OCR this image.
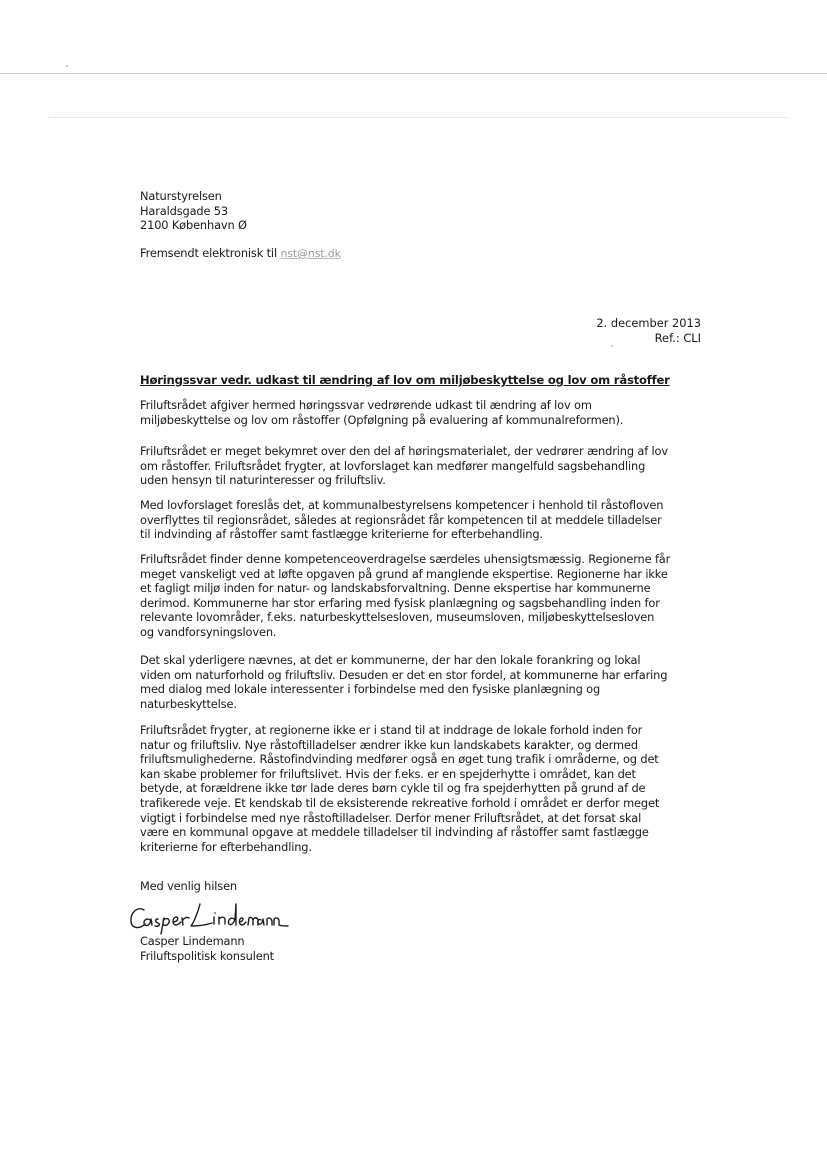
Naturstyrelsen
Haraldsgade 53
2100 København Ø
Fremsendt elektronisk til nst@nst.dk
2. december 2013
Ref.: CLI
Høringssvar vedr. udkast til ændring af lov om miljøbeskyttelse og lov om råstoffer
Friluftsrådet afgiver hermed høringssvar vedrørende udkast til ændring af lov om
miljøbeskyttelse og lov om råstoffer (Opfølgning på evaluering af kommunalreformen).
Friluftsrådet er meget bekymret over den del af høringsmaterialet, der vedrører ændring af lov
om råstoffer. Friluftsrådet frygter, at lovforslaget kan medfører mangelfuld sagsbehandling
uden hensyn til naturinteresser og friluftsliv.
Med lovforslaget foreslås det, at kommunalbestyrelsens kompetencer i henhold til råstofloven
overflyttes til regionsrådet, således at regionsrådet får kompetencen til at meddele tilladelser
til indvinding af råstoffer samt fastlægge kriterierne for efterbehandling.
Friluftsrådet finder denne kompetenceoverdragelse særdeles uhensigtsmæssig. Regionerne får
meget vanskeligt ved at løfte opgaven på grund af manglende ekspertise. Regionerne har ikke
et fagligt miljø inden for natur- og landskabsforvaltning. Denne ekspertise har kommunerne
derimod. Kommunerne har stor erfaring med fysisk planlægning og sagsbehandling inden for
relevante lovområder, f.eks. naturbeskyttelsesloven, museumsloven, miljøbeskyttelsesloven
og vandforsyningsloven.
Det skal yderligere nævnes, at det er kommunerne, der har den lokale forankring og lokal
viden om naturforhold og friluftsliv. Desuden er det en stor fordel, at kommunerne har erfaring
med dialog med lokale interessenter i forbindelse med den fysiske planlægning og
naturbeskyttelse.
Friluftsrådet frygter, at regionerne ikke er i stand til at inddrage de lokale forhold inden for
natur og friluftsliv. Nye råstoftilladelser ændrer ikke kun landskabets karakter, og dermed
friluftsmulighederne. Råstofindvinding medfører også en øget tung trafik i områderne, og det
kan skabe problemer for friluftslivet. Hvis der f.eks. er en spejderhytte i området, kan det
betyde, at forældrene ikke tør lade deres børn cykle til og fra spejderhytten på grund af de
trafikerede veje. Et kendskab til de eksisterende rekreative forhold i området er derfor meget
vigtigt i forbindelse med nye råstoftilladelser. Derfor mener Friluftsrådet, at det forsat skal
være en kommunal opgave at meddele tilladelser til indvinding af råstoffer samt fastlægge
kriterierne for efterbehandling.
Med venlig hilsen
Casper Lindemann
Friluftspolitisk konsulent
